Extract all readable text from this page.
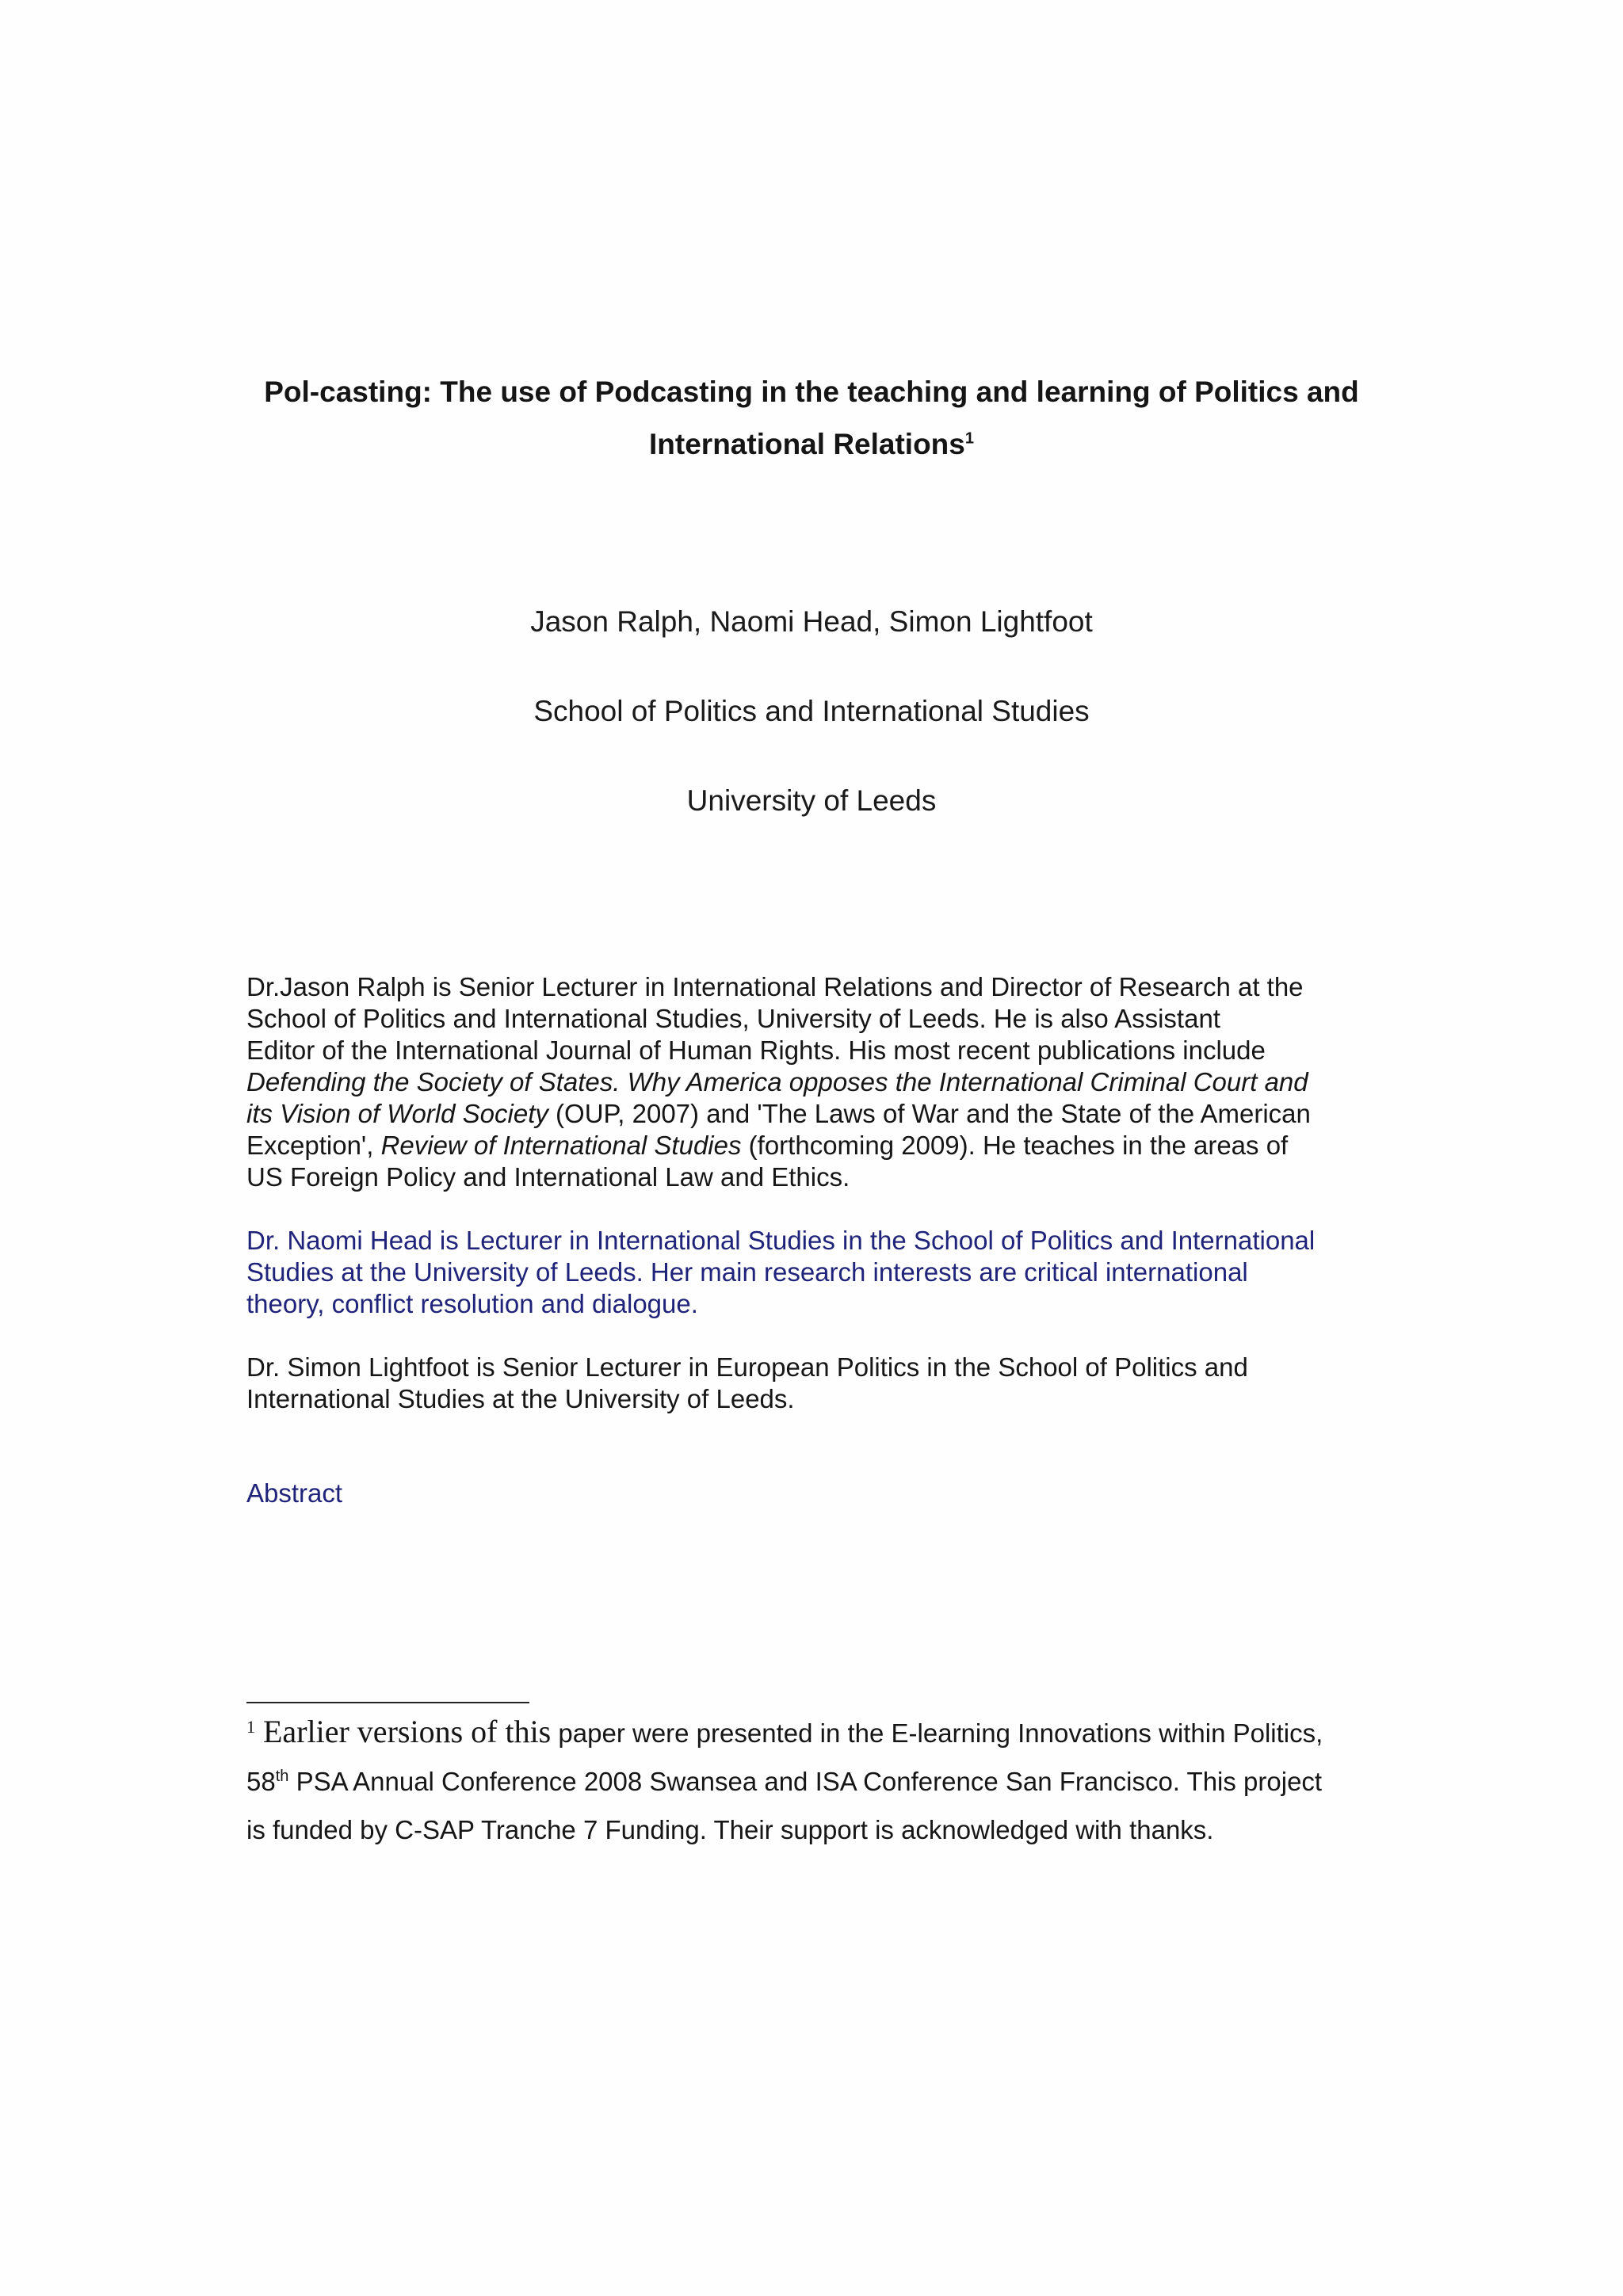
Pol-casting: The use of Podcasting in the teaching and learning of Politics and
International Relations$^1$
Jason Ralph, Naomi Head, Simon Lightfoot
School of Politics and International Studies
University of Leeds

Dr.Jason Ralph is Senior Lecturer in International Relations and Director of Research at the

School of Politics and International Studies, University of Leeds. He is also Assistant

Editor of the International Journal of Human Rights. His most recent publications include

Defending the Society of States. Why America opposes the International Criminal Court and

its Vision of World Society (OUP, 2007) and 'The Laws of War and the State of the American

Exception', Review of International Studies (forthcoming 2009). He teaches in the areas of

US Foreign Policy and International Law and Ethics.

Dr. Naomi Head is Lecturer in International Studies in the School of Politics and International

Studies at the University of Leeds. Her main research interests are critical international

theory, conflict resolution and dialogue.

Dr. Simon Lightfoot is Senior Lecturer in European Politics in the School of Politics and

International Studies at the University of Leeds.

Abstract
$^1$ Earlier versions of this paper were presented in the E-learning Innovations within Politics,
58th PSA Annual Conference 2008 Swansea and ISA Conference San Francisco. This project
is funded by C-SAP Tranche 7 Funding. Their support is acknowledged with thanks.
